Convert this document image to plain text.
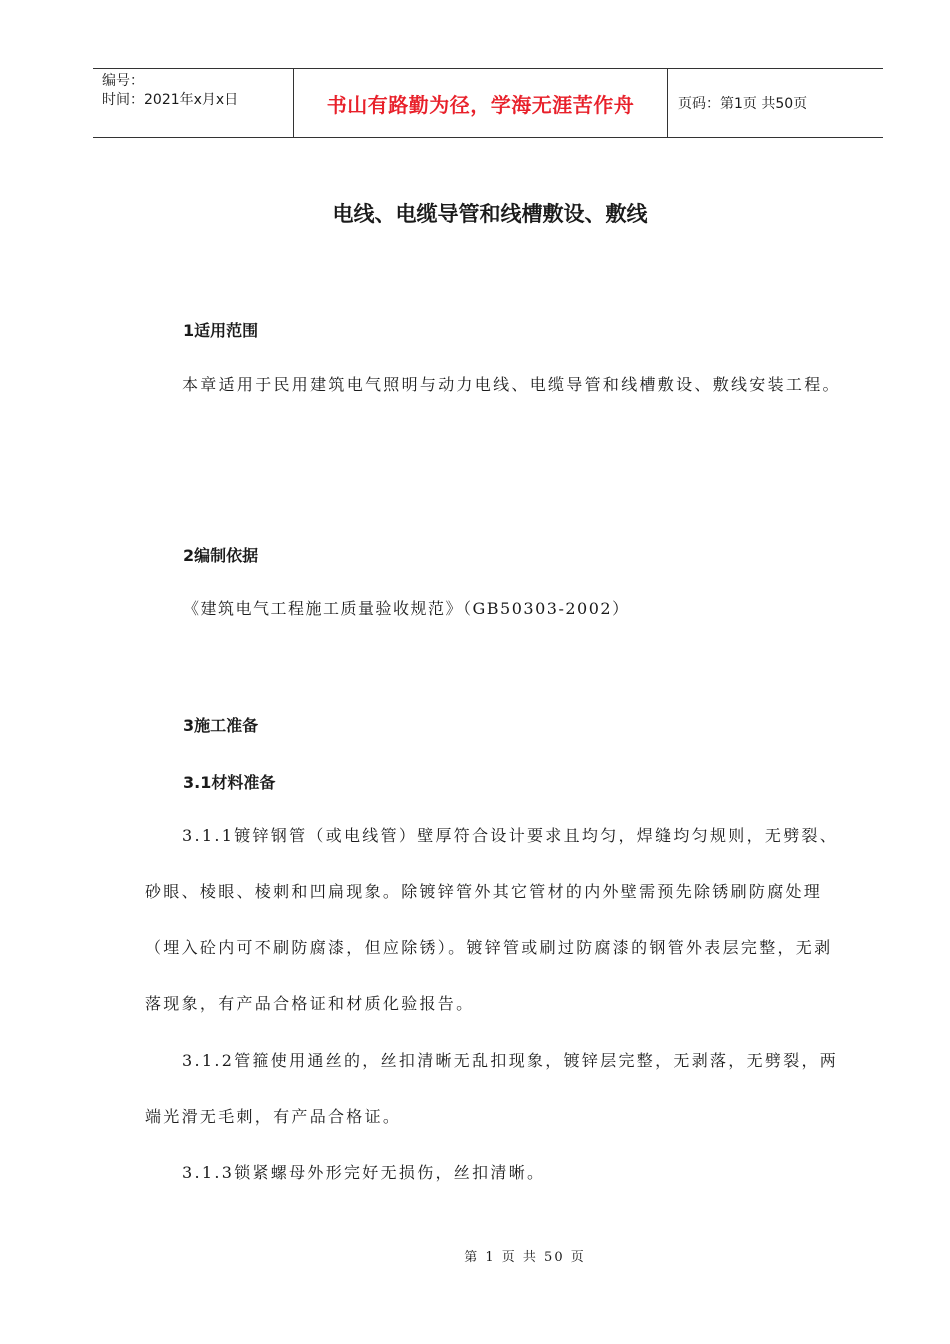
编号：
时间：2021年x月x日	书山有路勤为径，学海无涯苦作舟	页码：第1页 共50页
电线、电缆导管和线槽敷设、敷线
1适用范围

本章适用于民用建筑电气照明与动力电线、电缆导管和线槽敷设、敷线安装工程。

2编制依据

《建筑电气工程施工质量验收规范》（GB50303-2002）

3施工准备
3.1材料准备

3.1.1镀锌钢管（或电线管）壁厚符合设计要求且均匀，焊缝均匀规则，无劈裂、砂眼、棱眼、棱刺和凹扁现象。除镀锌管外其它管材的内外壁需预先除锈刷防腐处理（埋入砼内可不刷防腐漆，但应除锈）。镀锌管或刷过防腐漆的钢管外表层完整，无剥落现象，有产品合格证和材质化验报告。

3.1.2管箍使用通丝的，丝扣清晰无乱扣现象，镀锌层完整，无剥落，无劈裂，两端光滑无毛刺，有产品合格证。

3.1.3锁紧螺母外形完好无损伤，丝扣清晰。

第 1 页 共 50 页
